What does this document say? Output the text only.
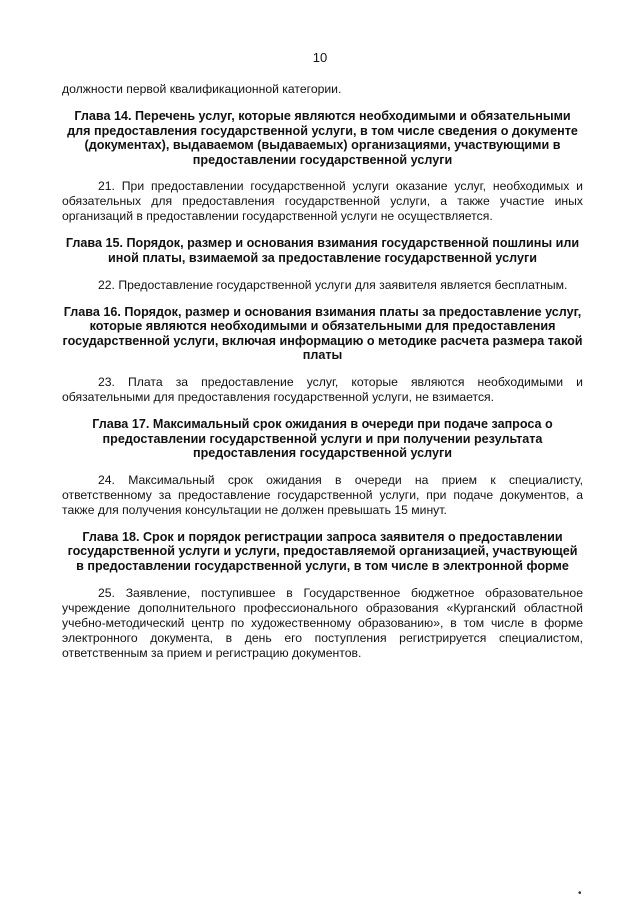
10

должности первой квалификационной категории.

Глава 14. Перечень услуг, которые являются необходимыми и обязательными для предоставления государственной услуги, в том числе сведения о документе (документах), выдаваемом (выдаваемых) организациями, участвующими в предоставлении государственной услуги

21. При предоставлении государственной услуги оказание услуг, необходимых и обязательных для предоставления государственной услуги, а также участие иных организаций в предоставлении государственной услуги не осуществляется.

Глава 15. Порядок, размер и основания взимания государственной пошлины или иной платы, взимаемой за предоставление государственной услуги

22. Предоставление государственной услуги для заявителя является бесплатным.

Глава 16. Порядок, размер и основания взимания платы за предоставление услуг, которые являются необходимыми и обязательными для предоставления государственной услуги, включая информацию о методике расчета размера такой платы

23. Плата за предоставление услуг, которые являются необходимыми и обязательными для предоставления государственной услуги, не взимается.

Глава 17. Максимальный срок ожидания в очереди при подаче запроса о предоставлении государственной услуги и при получении результата предоставления государственной услуги

24. Максимальный срок ожидания в очереди на прием к специалисту, ответственному за предоставление государственной услуги, при подаче документов, а также для получения консультации не должен превышать 15 минут.

Глава 18. Срок и порядок регистрации запроса заявителя о предоставлении государственной услуги и услуги, предоставляемой организацией, участвующей в предоставлении государственной услуги, в том числе в электронной форме

25. Заявление, поступившее в Государственное бюджетное образовательное учреждение дополнительного профессионального образования «Курганский областной учебно-методический центр по художественному образованию», в том числе в форме электронного документа, в день его поступления регистрируется специалистом, ответственным за прием и регистрацию документов.

•
